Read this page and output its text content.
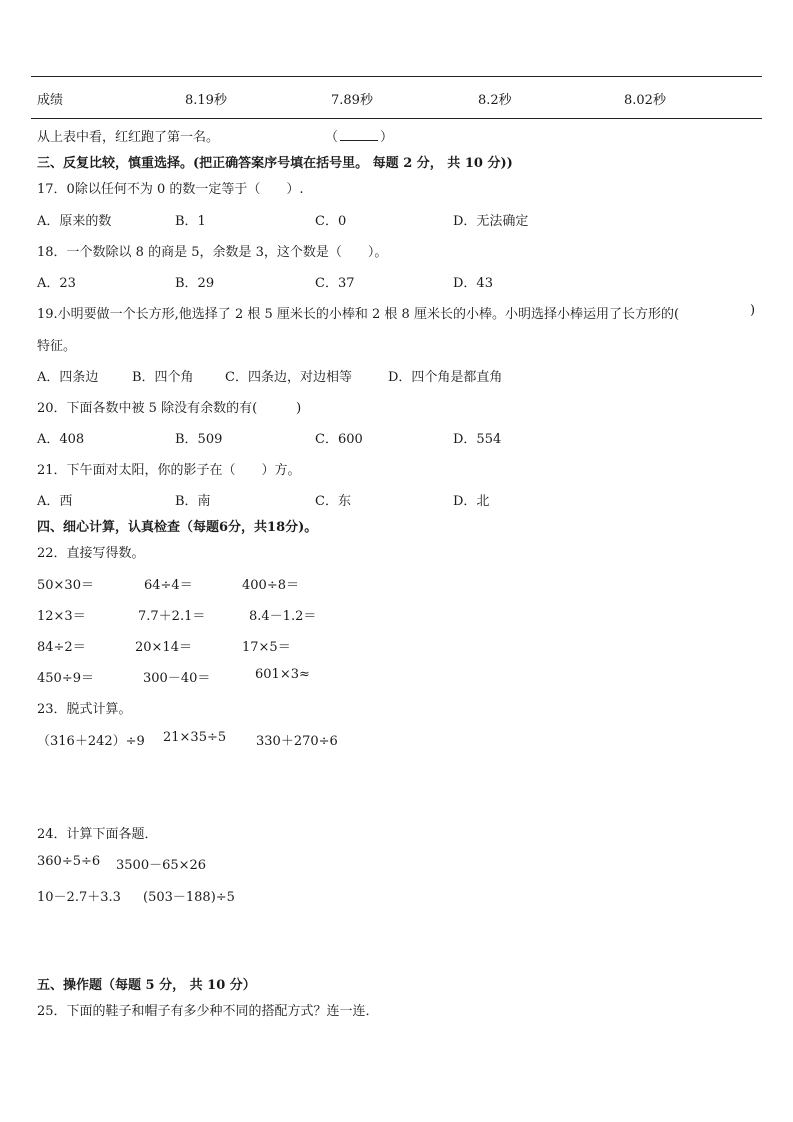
成绩	8.19秒	7.89秒	8.2秒	8.02秒
从上表中看，红红跑了第一名。	（	）
三、反复比较，慎重选择。(把正确答案序号填在括号里。 每题 2 分， 共 10 分))
17．0除以任何不为 0 的数一定等于（　　）.
A．原来的数	B．1	C．0	D．无法确定
18．一个数除以 8 的商是 5，余数是 3，这个数是（　　）。
A．23	B．29	C．37	D．43
19.小明要做一个长方形,他选择了 2 根 5 厘米长的小棒和 2 根 8 厘米长的小棒。小明选择小棒运用了长方形的(	)
特征。
A．四条边	B．四个角 C．四条边，对边相等	D．四个角是都直角
20．下面各数中被 5 除没有余数的有(　　　)
A．408	B．509	C．600	D．554
21．下午面对太阳，你的影子在（　　）方。
A．西	B．南	C．东	D．北
四、细心计算，认真检查（每题6分，共18分)。
22．直接写得数。
50×30＝	64÷4＝	400÷8＝
12×3＝	7.7＋2.1＝	8.4－1.2＝
84÷2＝	20×14＝	17×5＝
450÷9＝	300－40＝	601×3≈
23．脱式计算。
（316＋242）÷9 21×35÷5 330＋270÷6
24．计算下面各题．
360÷5÷6 3500－65×26
10－2.7＋3.3 (503－188)÷5
五、操作题（每题 5 分， 共 10 分）
25．下面的鞋子和帽子有多少种不同的搭配方式？连一连．
